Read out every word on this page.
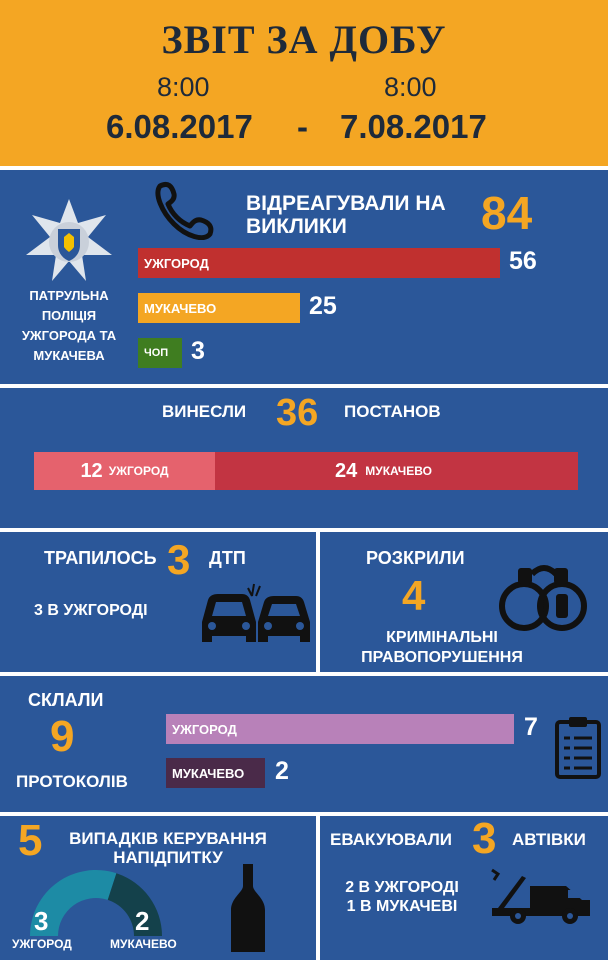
ЗВІТ ЗА ДОБУ
8:00	8:00
6.08.2017 - 7.08.2017
ПАТРУЛЬНА ПОЛІЦІЯ УЖГОРОДА ТА МУКАЧЕВА
ВІДРЕАГУВАЛИ НА ВИКЛИКИ	84
УЖГОРОД	56
МУКАЧЕВО	25
ЧОП 3
ВИНЕСЛИ 36 ПОСТАНОВ
12 УЖГОРОД	24 МУКАЧЕВО
ТРАПИЛОСЬ 3 ДТП
3 В УЖГОРОДІ
РОЗКРИЛИ
4
КРИМІНАЛЬНІ
ПРАВОПОРУШЕННЯ
СКЛАЛИ
9
ПРОТОКОЛІВ
УЖГОРОД	7
МУКАЧЕВО 2
5	ВИПАДКІВ КЕРУВАННЯ
НАПІДПИТКУ
3
УЖГОРОД
2
МУКАЧЕВО
ЕВАКУЮВАЛИ 3 АВТІВКИ
2 В УЖГОРОДІ
1 В МУКАЧЕВІ
